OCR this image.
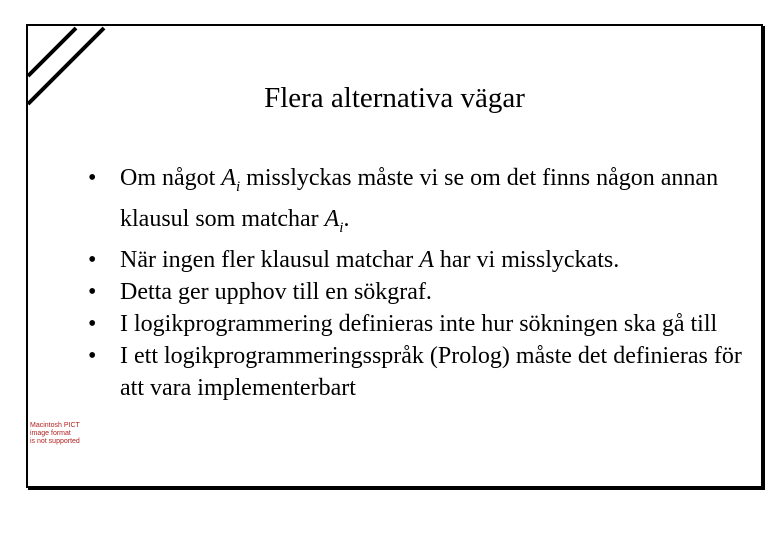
Flera alternativa vägar
• Om något $A_i$ misslyckas måste vi se om det finns någon annan klausul som matchar $A_i$.
• När ingen fler klausul matchar A har vi misslyckats.
• Detta ger upphov till en sökgraf.
• I logikprogrammering definieras inte hur sökningen ska gå till
• I ett logikprogrammeringsspråk (Prolog) måste det definieras för att vara implementerbart
Macintosh PICT
image format
is not supported
